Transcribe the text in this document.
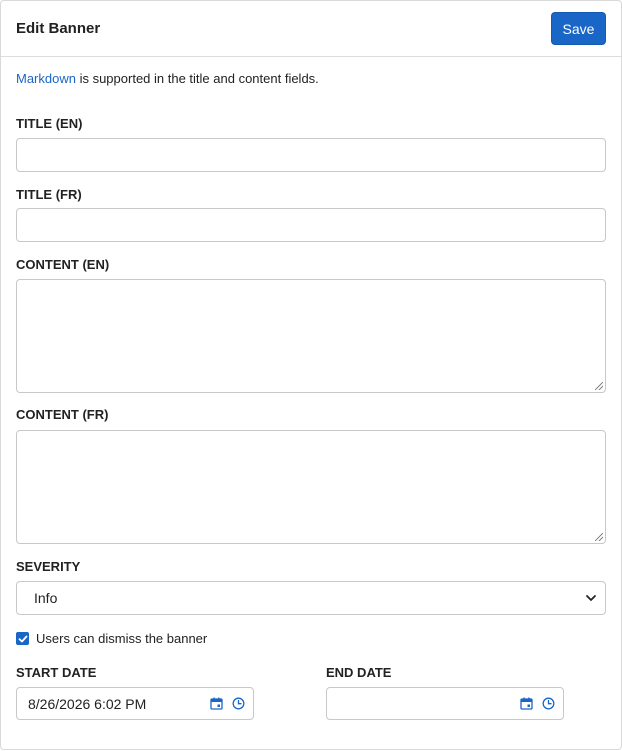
Edit Banner	Save
Markdown is supported in the title and content fields.
TITLE (EN)
TITLE (FR)
CONTENT (EN)
CONTENT (FR)
SEVERITY
Info
Users can dismiss the banner
START DATE
8/26/2026 6:02 PM
END DATE
